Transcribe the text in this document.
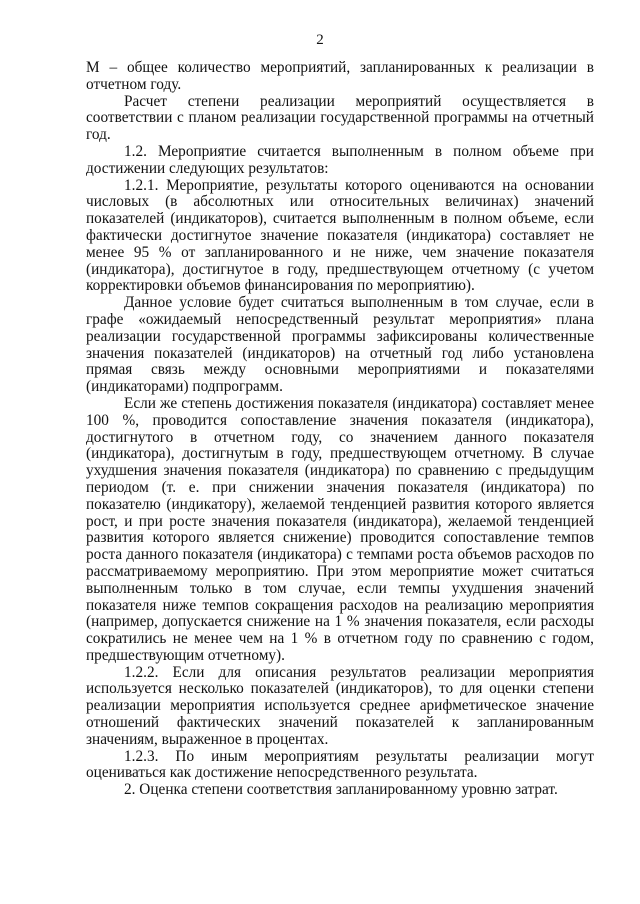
2

М – общее количество мероприятий, запланированных к реализации в отчетном году.

Расчет степени реализации мероприятий осуществляется в соответствии с планом реализации государственной программы на отчетный год.

1.2. Мероприятие считается выполненным в полном объеме при достижении следующих результатов:

1.2.1. Мероприятие, результаты которого оцениваются на основании числовых (в абсолютных или относительных величинах) значений показателей (индикаторов), считается выполненным в полном объеме, если фактически достигнутое значение показателя (индикатора) составляет не менее 95 % от запланированного и не ниже, чем значение показателя (индикатора), достигнутое в году, предшествующем отчетному (с учетом корректировки объемов финансирования по мероприятию).

Данное условие будет считаться выполненным в том случае, если в графе «ожидаемый непосредственный результат мероприятия» плана реализации государственной программы зафиксированы количественные значения показателей (индикаторов) на отчетный год либо установлена прямая связь между основными мероприятиями и показателями (индикаторами) подпрограмм.

Если же степень достижения показателя (индикатора) составляет менее 100 %, проводится сопоставление значения показателя (индикатора), достигнутого в отчетном году, со значением данного показателя (индикатора), достигнутым в году, предшествующем отчетному. В случае ухудшения значения показателя (индикатора) по сравнению с предыдущим периодом (т. е. при снижении значения показателя (индикатора) по показателю (индикатору), желаемой тенденцией развития которого является рост, и при росте значения показателя (индикатора), желаемой тенденцией развития которого является снижение) проводится сопоставление темпов роста данного показателя (индикатора) с темпами роста объемов расходов по рассматриваемому мероприятию. При этом мероприятие может считаться выполненным только в том случае, если темпы ухудшения значений показателя ниже темпов сокращения расходов на реализацию мероприятия (например, допускается снижение на 1 % значения показателя, если расходы сократились не менее чем на 1 % в отчетном году по сравнению с годом, предшествующим отчетному).

1.2.2. Если для описания результатов реализации мероприятия используется несколько показателей (индикаторов), то для оценки степени реализации мероприятия используется среднее арифметическое значение отношений фактических значений показателей к запланированным значениям, выраженное в процентах.

1.2.3. По иным мероприятиям результаты реализации могут оцениваться как достижение непосредственного результата.

2. Оценка степени соответствия запланированному уровню затрат.
